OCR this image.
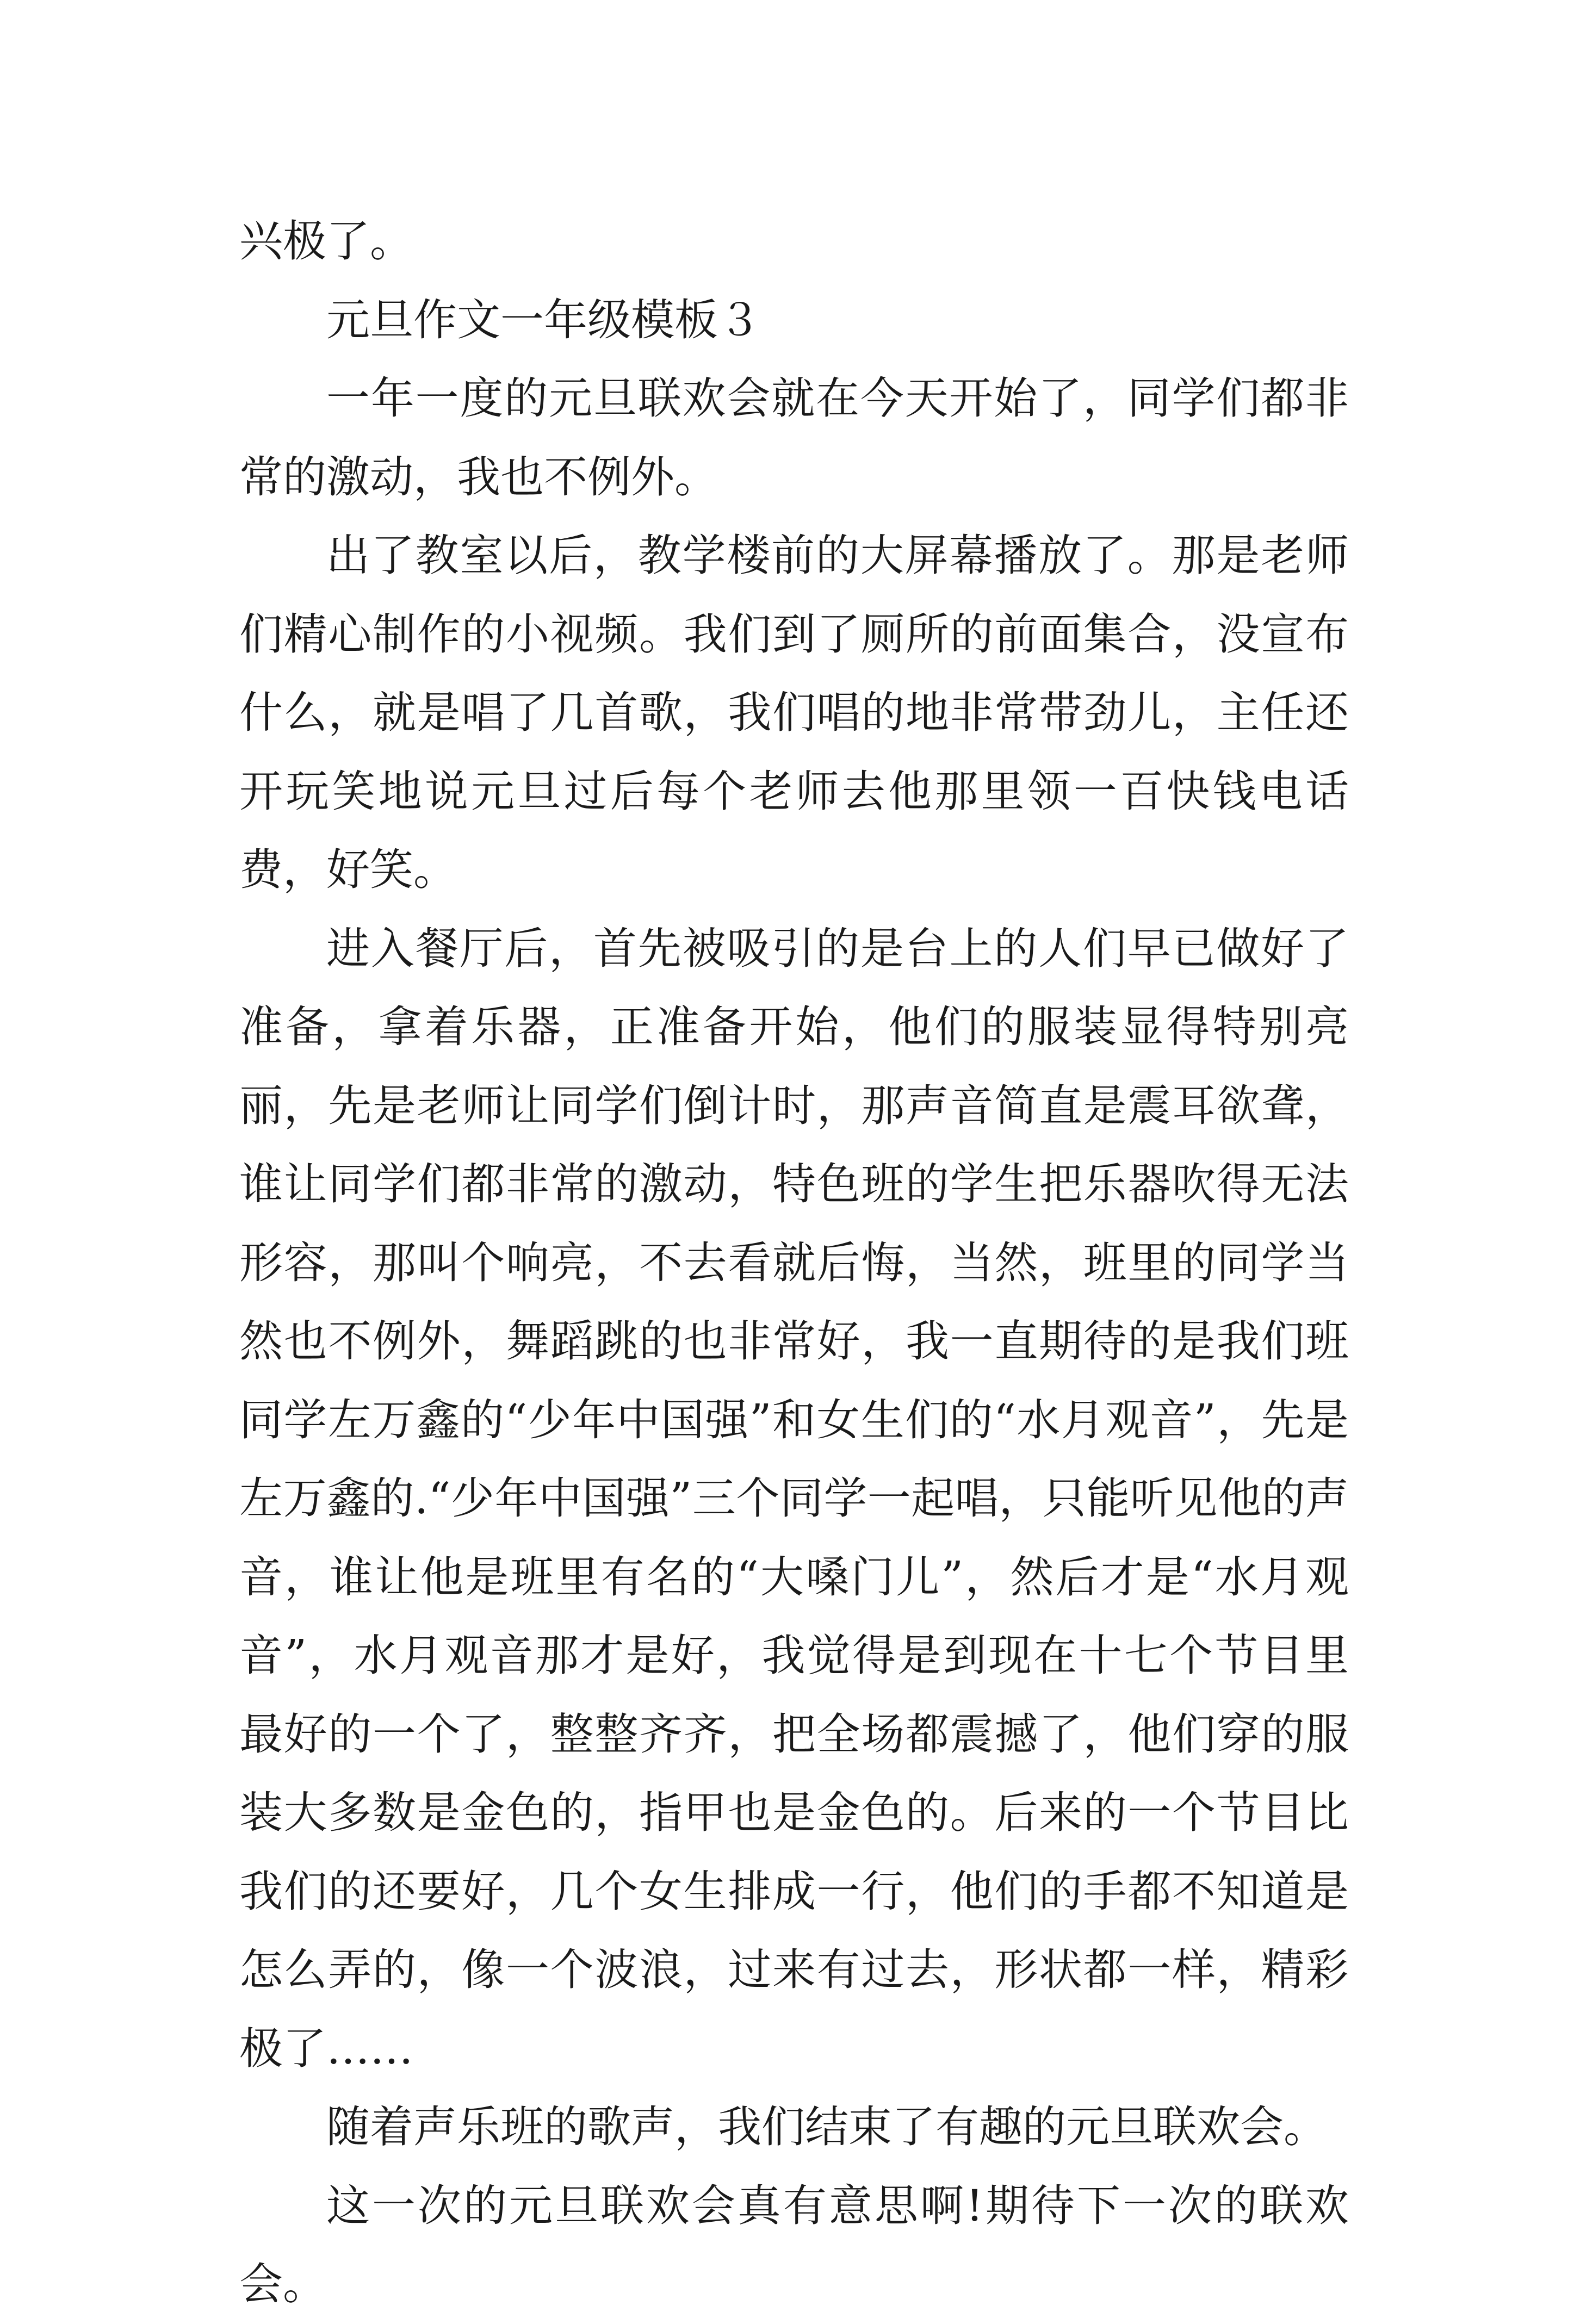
兴极了。

元旦作文一年级模板３

一年一度的元旦联欢会就在今天开始了，同学们都非常的激动，我也不例外。

出了教室以后，教学楼前的大屏幕播放了。那是老师们精心制作的小视频。我们到了厕所的前面集合，没宣布什么，就是唱了几首歌，我们唱的地非常带劲儿，主任还开玩笑地说元旦过后每个老师去他那里领一百快钱电话费，好笑。

进入餐厅后，首先被吸引的是台上的人们早已做好了准备，拿着乐器，正准备开始，他们的服装显得特别亮丽，先是老师让同学们倒计时，那声音简直是震耳欲聋，谁让同学们都非常的激动，特色班的学生把乐器吹得无法形容，那叫个响亮，不去看就后悔，当然，班里的同学当然也不例外，舞蹈跳的也非常好，我一直期待的是我们班同学左万鑫的“少年中国强”和女生们的“水月观音”，先是左万鑫的.“少年中国强”三个同学一起唱，只能听见他的声音，谁让他是班里有名的“大嗓门儿”，然后才是“水月观音”，水月观音那才是好，我觉得是到现在十七个节目里最好的一个了，整整齐齐，把全场都震撼了，他们穿的服装大多数是金色的，指甲也是金色的。后来的一个节目比我们的还要好，几个女生排成一行，他们的手都不知道是怎么弄的，像一个波浪，过来有过去，形状都一样，精彩极了……

随着声乐班的歌声，我们结束了有趣的元旦联欢会。

这一次的元旦联欢会真有意思啊!期待下一次的联欢会。
